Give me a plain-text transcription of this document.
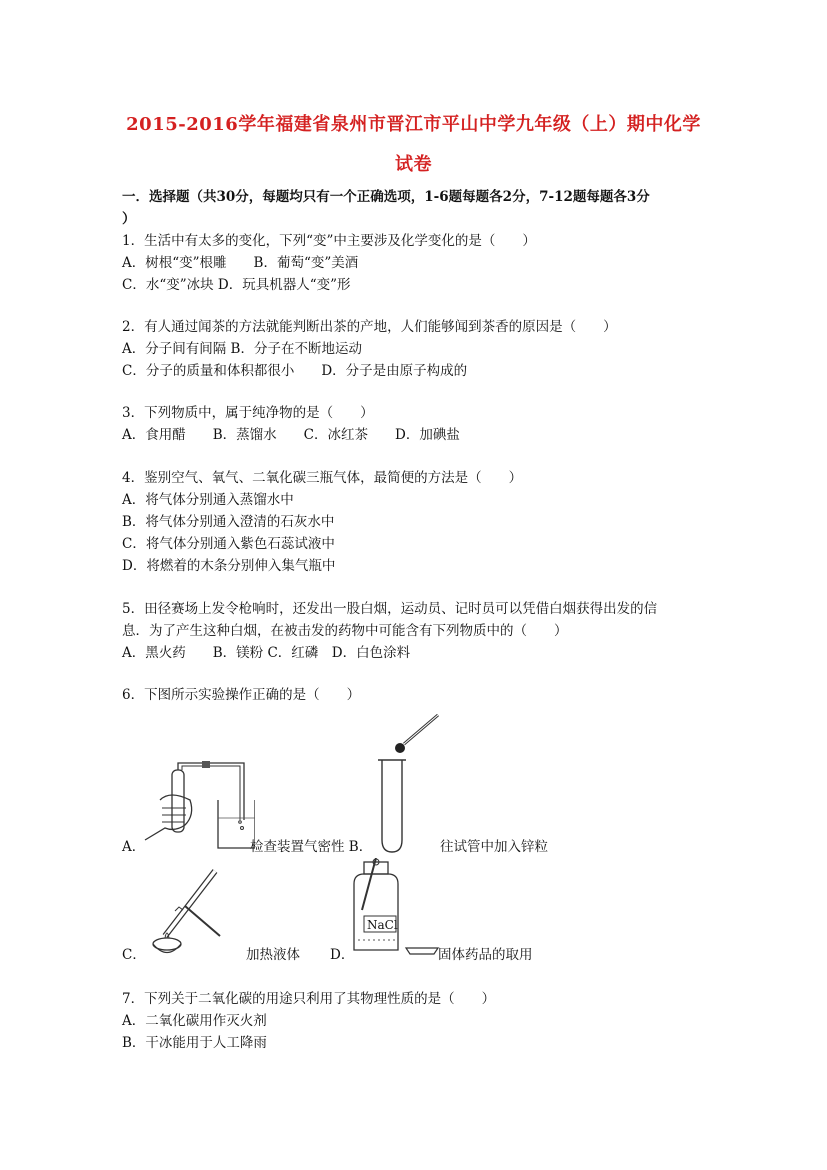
2015-2016学年福建省泉州市晋江市平山中学九年级（上）期中化学
试卷
一．选择题（共30分，每题均只有一个正确选项，1-6题每题各2分，7-12题每题各3分
）
1．生活中有太多的变化，下列“变”中主要涉及化学变化的是（　　）
A．树根“变”根雕　　B．葡萄“变”美酒
C．水“变”冰块 D．玩具机器人“变”形
2．有人通过闻茶的方法就能判断出茶的产地，人们能够闻到茶香的原因是（　　）
A．分子间有间隔 B．分子在不断地运动
C．分子的质量和体积都很小　　D．分子是由原子构成的
3．下列物质中，属于纯净物的是（　　）
A．食用醋　　B．蒸馏水　　C．冰红茶　　D．加碘盐
4．鉴别空气、氧气、二氧化碳三瓶气体，最简便的方法是（　　）
A．将气体分别通入蒸馏水中
B．将气体分别通入澄清的石灰水中
C．将气体分别通入紫色石蕊试液中
D．将燃着的木条分别伸入集气瓶中
5．田径赛场上发令枪响时，还发出一股白烟，运动员、记时员可以凭借白烟获得出发的信
息．为了产生这种白烟，在被击发的药物中可能含有下列物质中的（　　）
A．黑火药　　B．镁粉 C．红磷　D．白色涂料
6．下图所示实验操作正确的是（　　）
A．	检查装置气密性 B．	往试管中加入锌粒
C．	加热液体
NaCl
D．	固体药品的取用
7．下列关于二氧化碳的用途只利用了其物理性质的是（　　）
A．二氧化碳用作灭火剂
B．干冰能用于人工降雨
